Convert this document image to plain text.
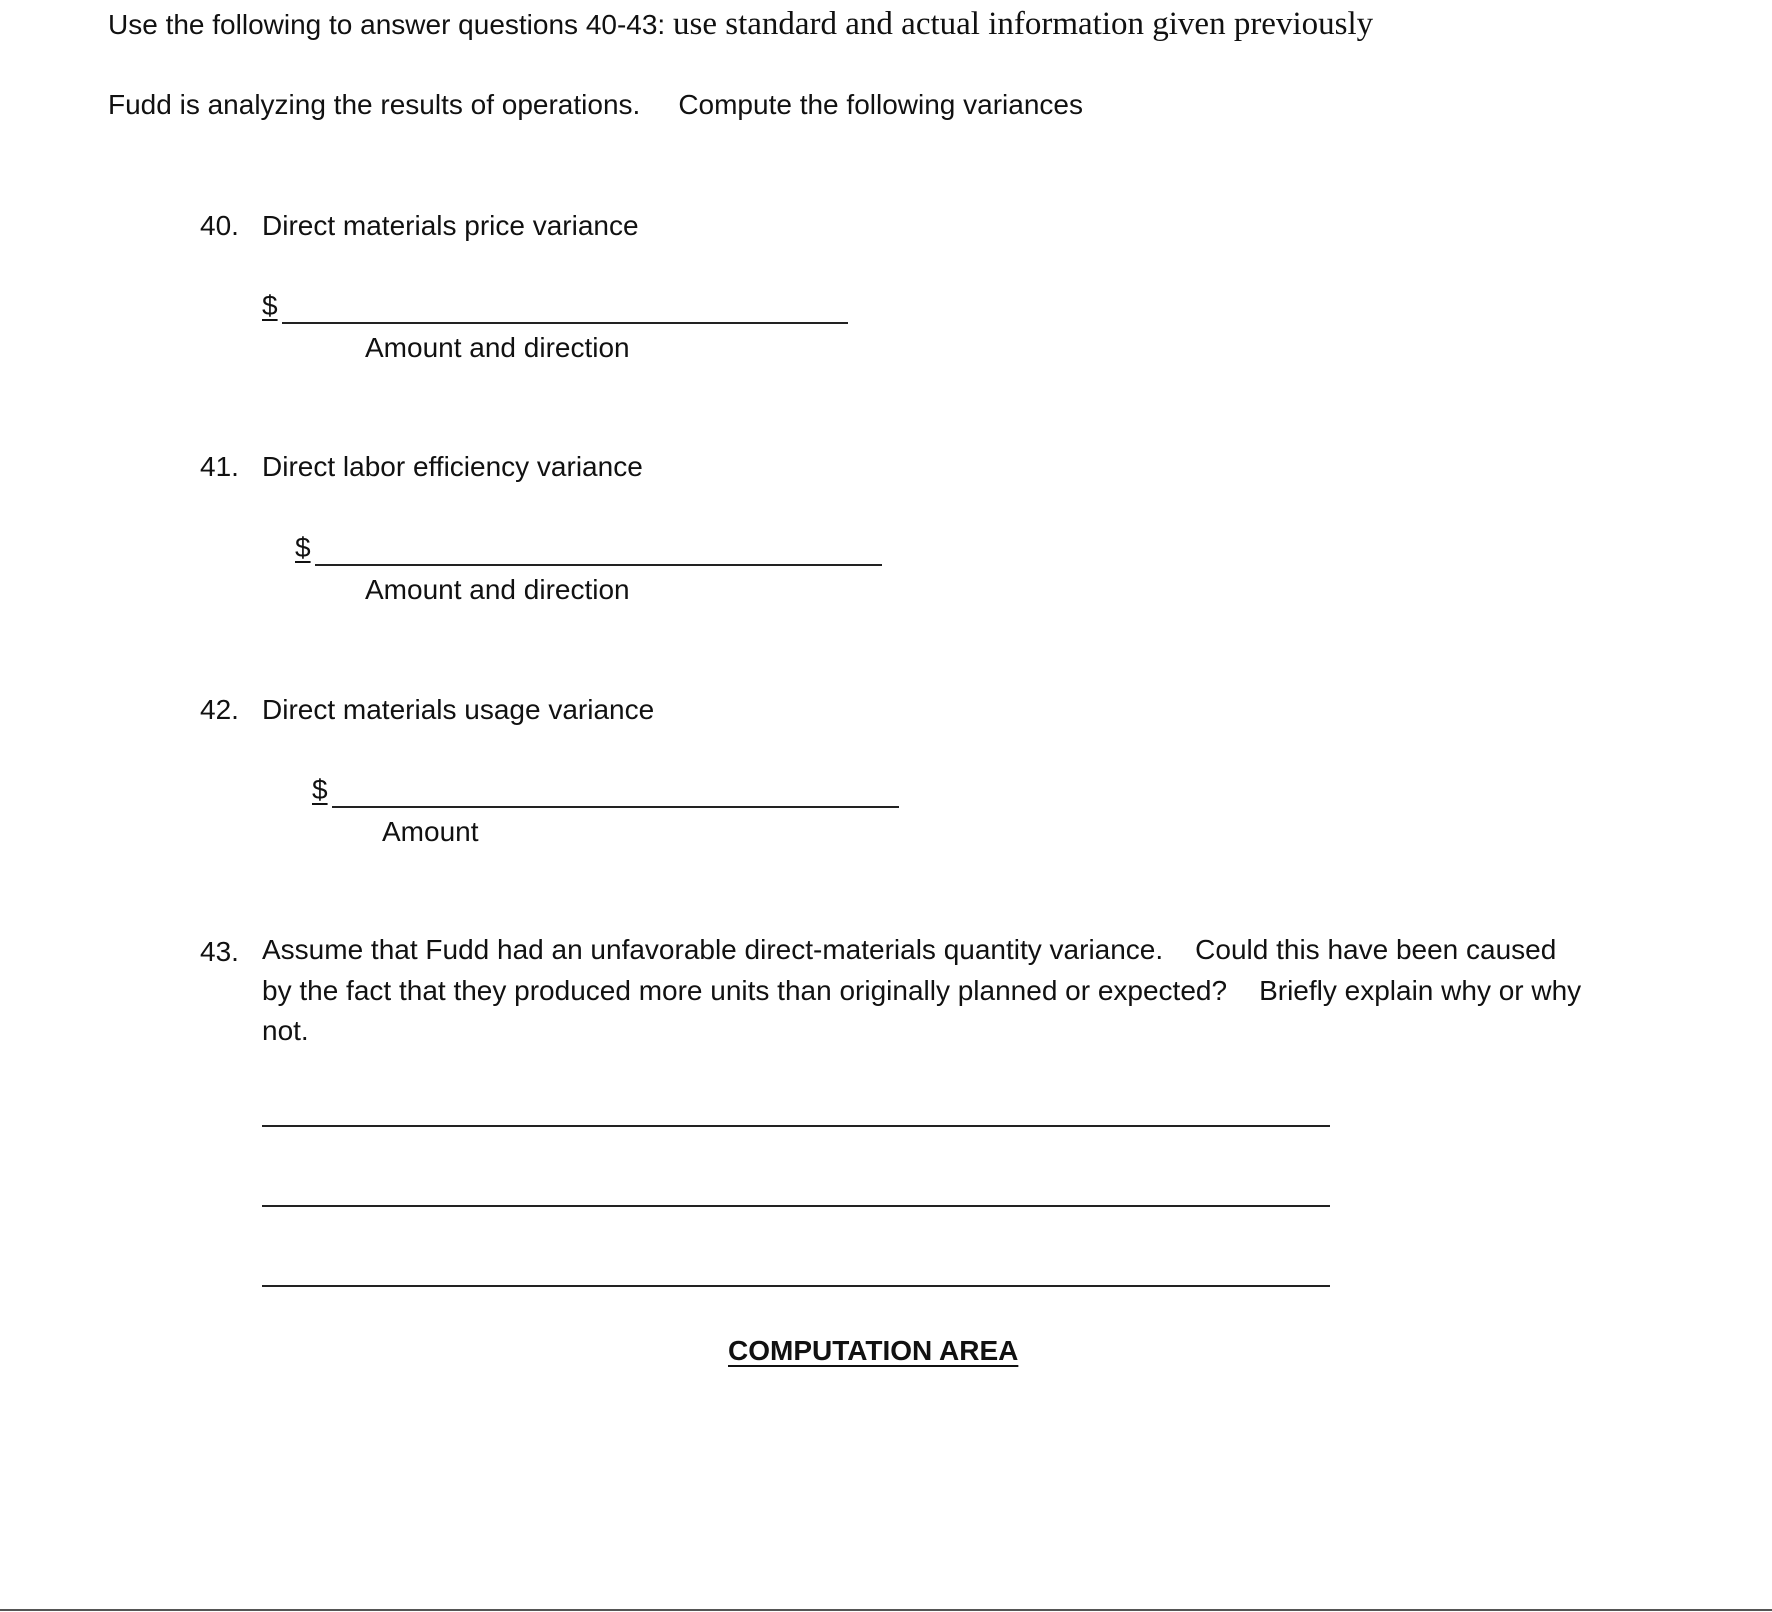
Use the following to answer questions 40-43: use standard and actual information given previously
Fudd is analyzing the results of operations. Compute the following variances
40. Direct materials price variance
$
Amount and direction
41. Direct labor efficiency variance
$
Amount and direction
42. Direct materials usage variance
$
Amount
43. Assume that Fudd had an unfavorable direct-materials quantity variance. Could this have been caused by the fact that they produced more units than originally planned or expected? Briefly explain why or why not.
COMPUTATION AREA
